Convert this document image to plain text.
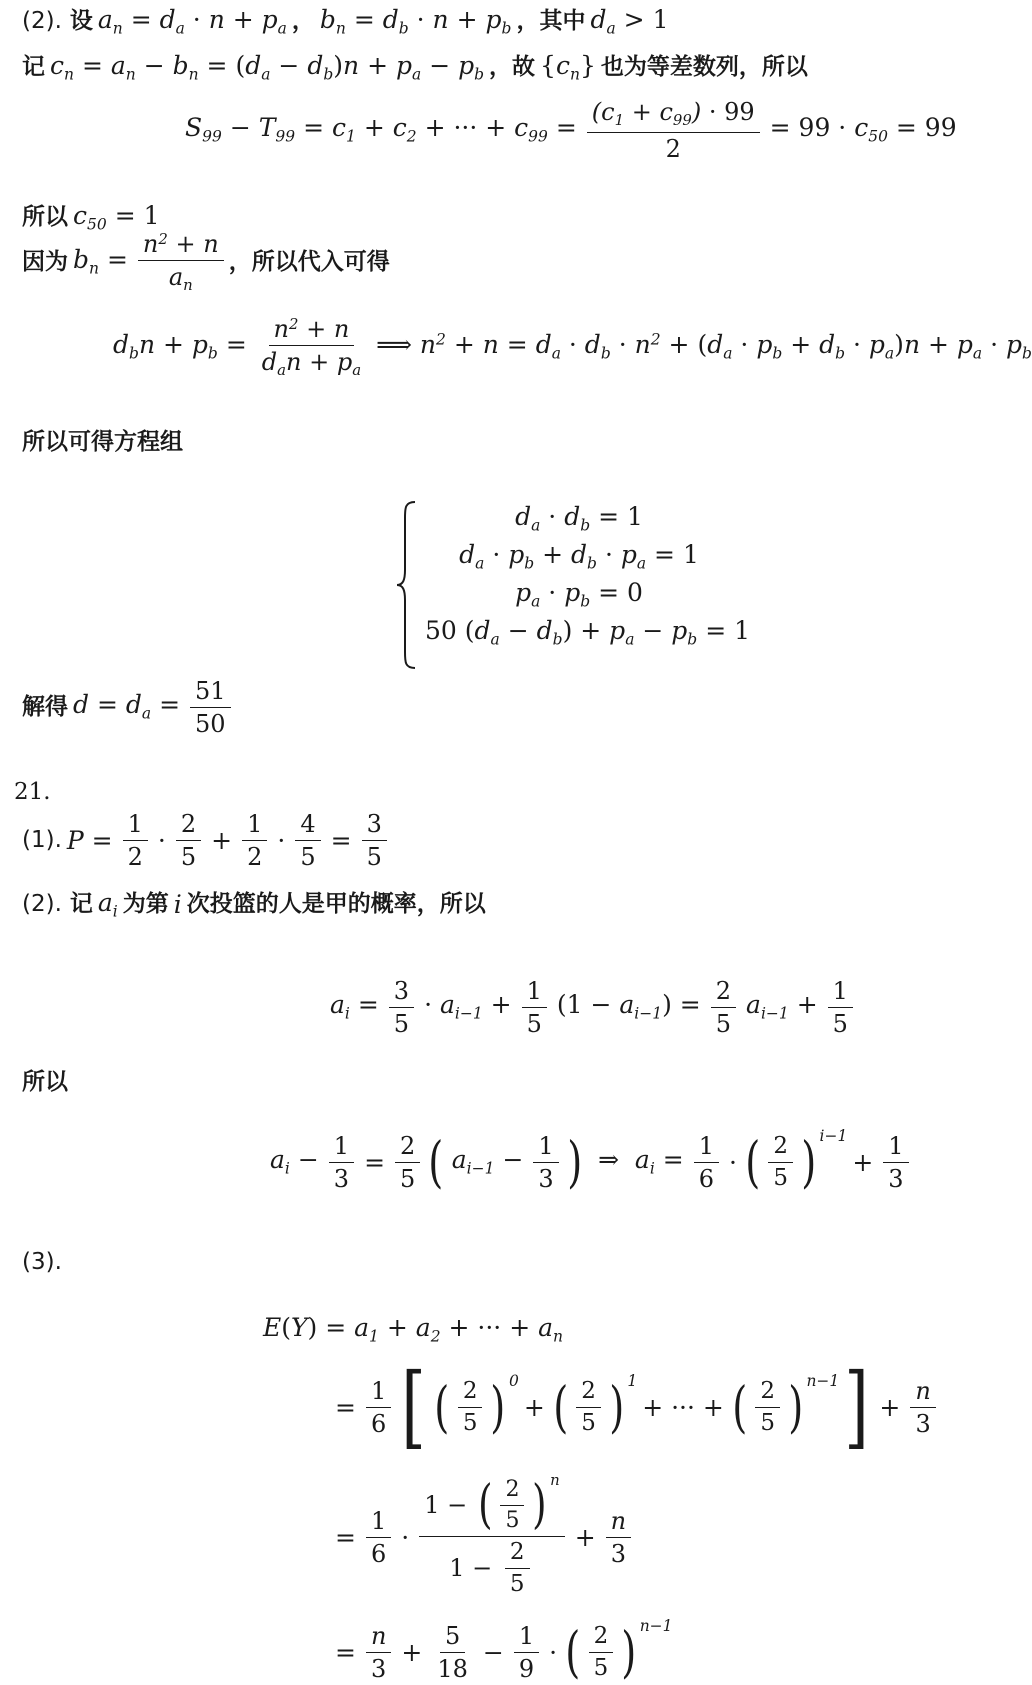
(2).
设 $a_n = d_a \cdot n + p_a$ ， $b_n = d_b \cdot n + p_b$ ，其中 $d_a > 1$
记 $c_n = a_n - b_n = (d_a - d_b)n + p_a - p_b$ ，故 $\{c_n\}$ 也为等差数列，所以
$S_{99} - T_{99} = c_1 + c_2$ + ··· + $c_{99} = \frac{(c_1 + c_{99}) \cdot 99}{2} = 99 \cdot c_{50} = 99$
所以 $c_{50} = 1$
因为 $b_n = \frac{n^2 + n}{a_n}$ ，所以代入可得
$d_bn + p_b = \frac{n^2 + n}{d_an + p_a}$ ⟹ $n^2 + n = d_a \cdot d_b \cdot n^2 + (d_a \cdot p_b + d_b \cdot p_a)n + p_a \cdot p_b$
所以可得方程组
$d_a \cdot d_b = 1$
$d_a \cdot p_b + d_b \cdot p_a = 1$
$p_a \cdot p_b = 0$
50 $(d_a - d_b) + p_a - p_b = 1$
解得 $d = d_a = \frac{51}{50}$
21.
(1). $P = \frac{1}{2} \cdot \frac{2}{5} + \frac{1}{2} \cdot \frac{4}{5} = \frac{3}{5}$
(2).
记 $a_i$ 为第 i 次投篮的人是甲的概率，所以
$a_i = \frac{3}{5} \cdot a_{i-1} + \frac{1}{5} (1 - a_{i-1}) = \frac{2}{5} a_{i-1} + \frac{1}{5}$
所以
$a_i - \frac{1}{3} = \frac{2}{5}$ ( $a_{i-1} - \frac{1}{3}$ ) ⇒  $a_i = \frac{1}{6}$ · ( $\frac{2}{5} )^{i-1}$
+ $\frac{1}{3}$
(3).
$E(Y) = a_1 + a_2$ + ··· + $a_n$
= $\frac{1}{6}$ [ ( $\frac{2}{5} )^0$
+ ( $\frac{2}{5} )^1$
+ ··· + ( $\frac{2}{5} )^{n-1}$ ] + $\frac{n}{3}$
= $\frac{1}{6} \cdot \frac{1 - ( \frac{2}{5} ) ^n}{1 - \frac{2}{5}} + \frac{n}{3}$
= $\frac{n}{3} + \frac{5}{18} - \frac{1}{9}$ · ( $\frac{2}{5} )^{n-1}$
